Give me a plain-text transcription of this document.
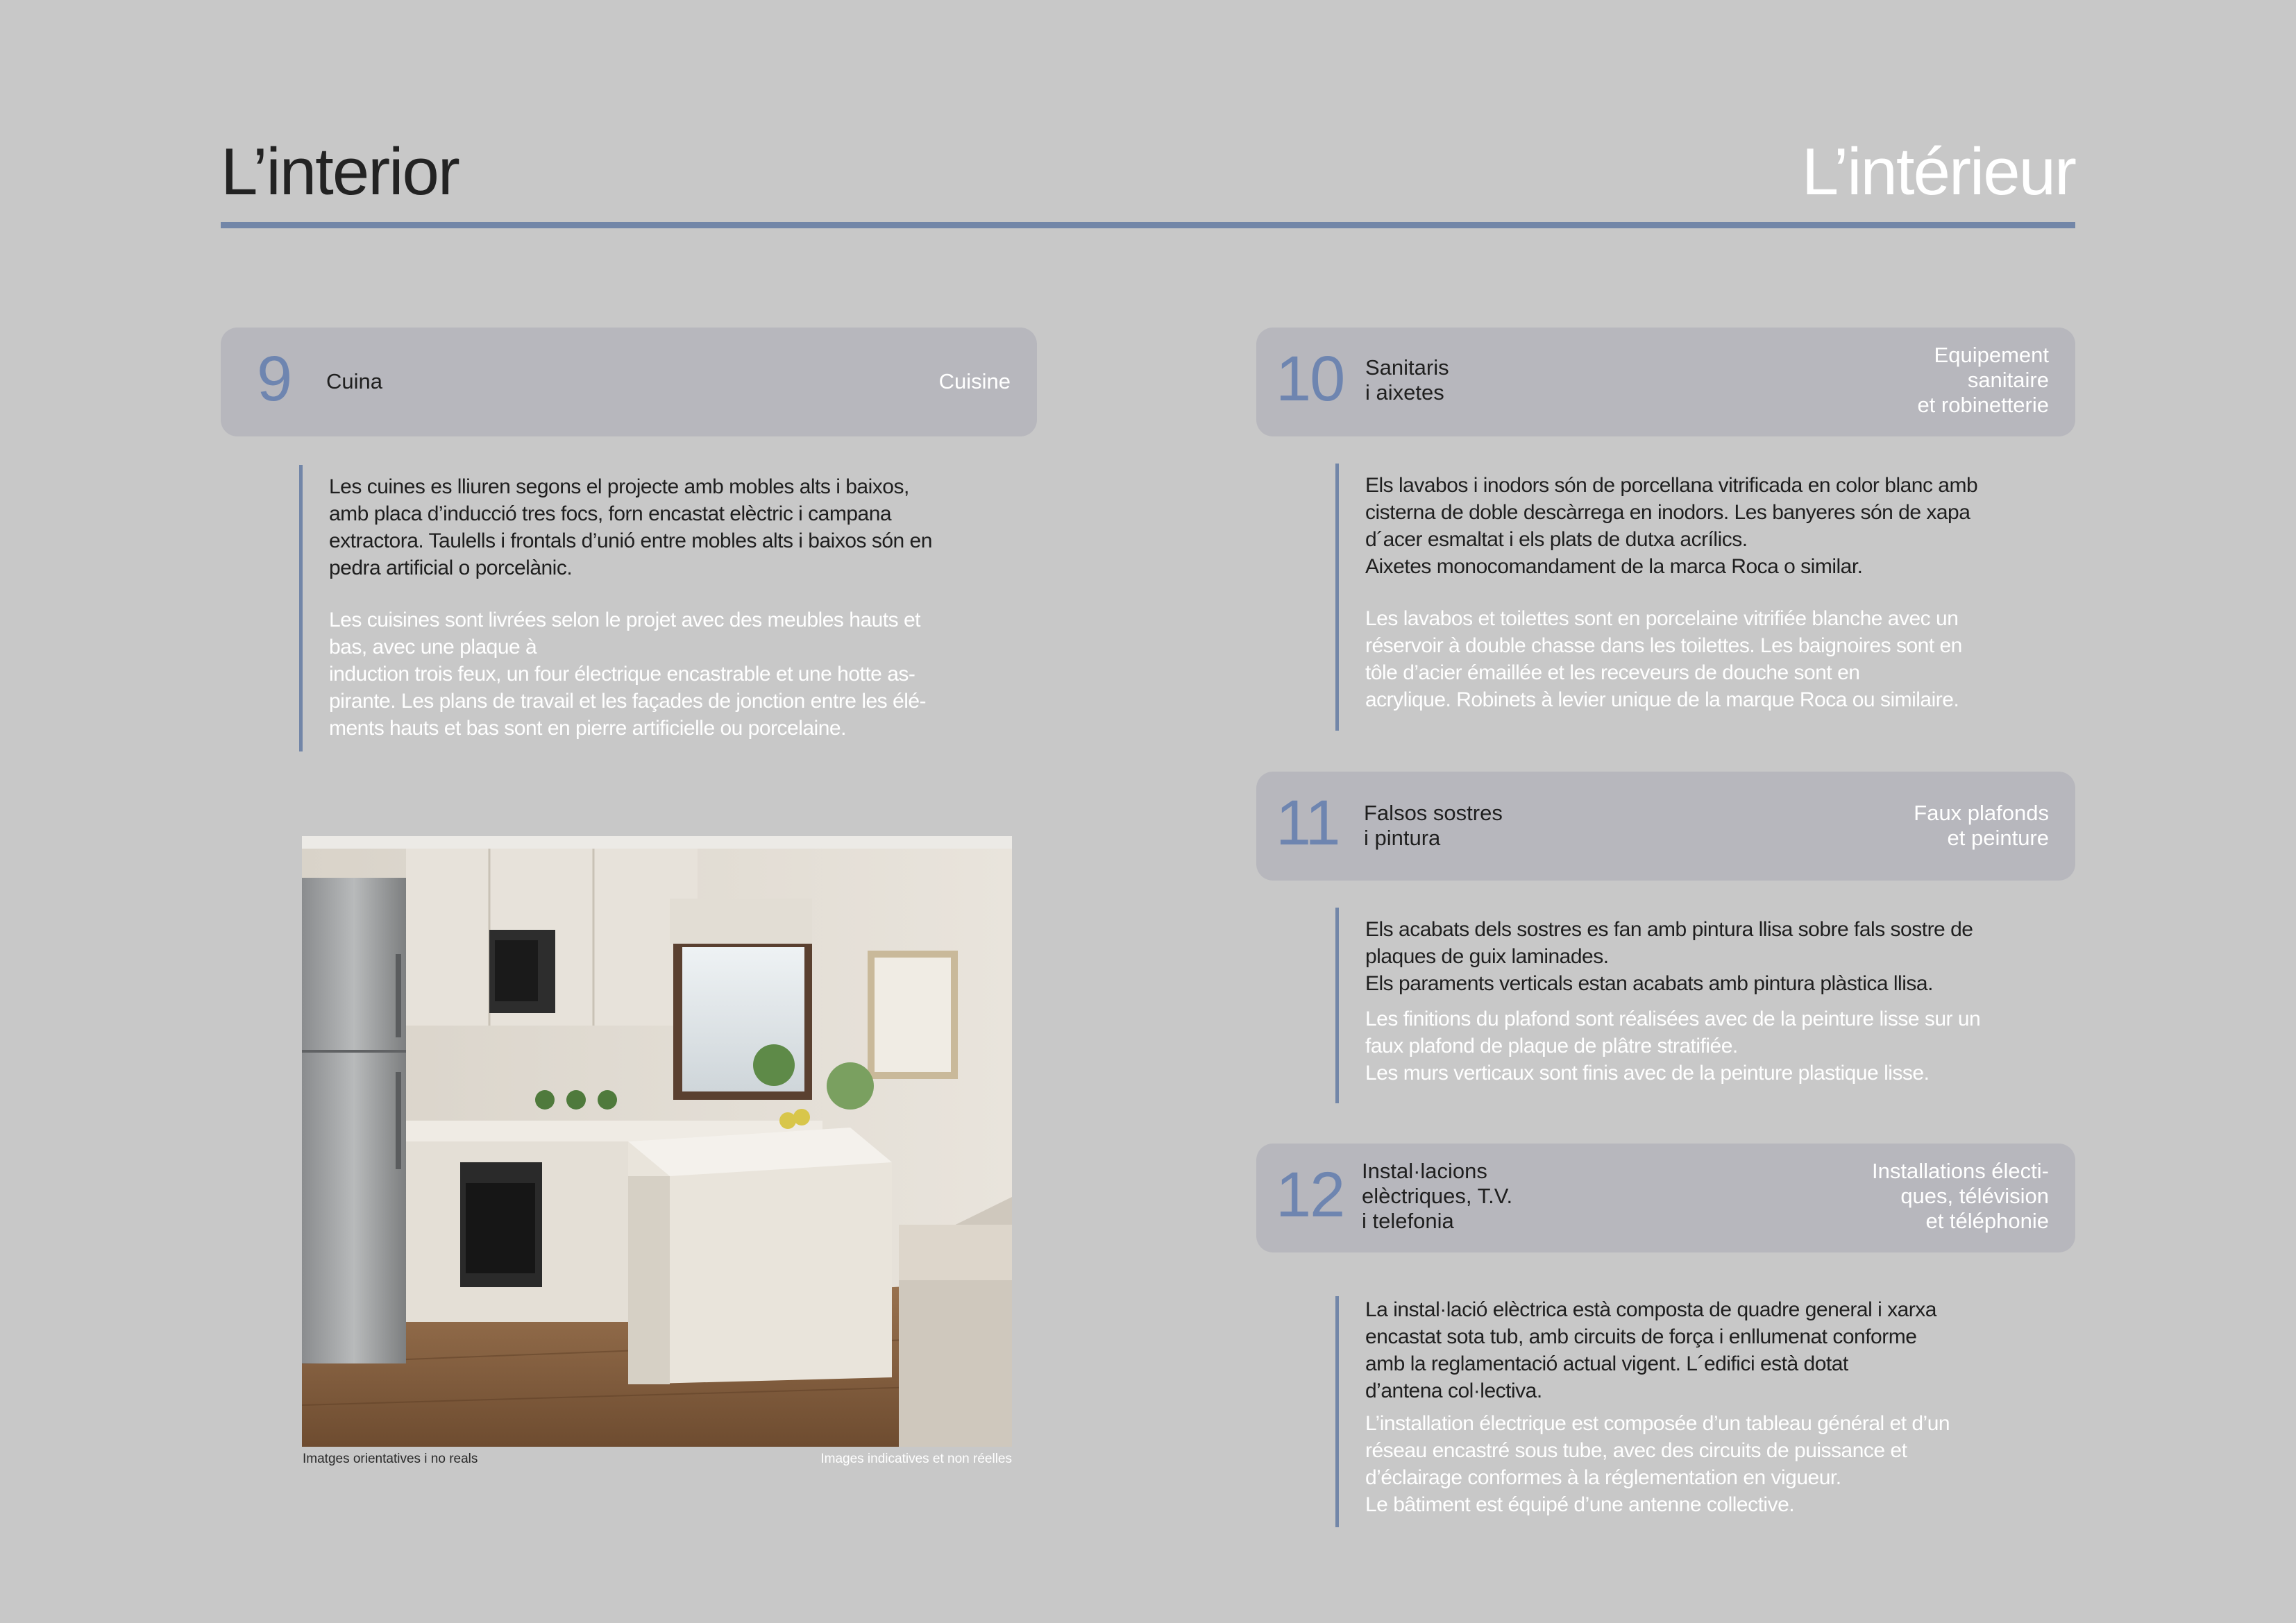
L’interior	L’intérieur
9 Cuina	Cuisine

Les cuines es lliuren segons el projecte amb mobles alts i baixos,
amb placa d’inducció tres focs, forn encastat elèctric i campana
extractora. Taulells i frontals d’unió entre mobles alts i baixos són en
pedra artificial o porcelànic.

Les cuisines sont livrées selon le projet avec des meubles hauts et
bas, avec une plaque à
induction trois feux, un four électrique encastrable et une hotte as-
pirante. Les plans de travail et les façades de jonction entre les élé-
ments hauts et bas sont en pierre artificielle ou porcelaine.

10 Sanitaris
i aixetes
Equipement
sanitaire
et robinetterie

Els lavabos i inodors són de porcellana vitrificada en color blanc amb
cisterna de doble descàrrega en inodors. Les banyeres són de xapa
d´acer esmaltat i els plats de dutxa acrílics.
Aixetes monocomandament de la marca Roca o similar.

Les lavabos et toilettes sont en porcelaine vitrifiée blanche avec un
réservoir à double chasse dans les toilettes. Les baignoires sont en
tôle d’acier émaillée et les receveurs de douche sont en
acrylique. Robinets à levier unique de la marque Roca ou similaire.

11 Falsos sostres
i pintura
Faux plafonds
et peinture

Els acabats dels sostres es fan amb pintura llisa sobre fals sostre de
plaques de guix laminades.
Els paraments verticals estan acabats amb pintura plàstica llisa.

Les finitions du plafond sont réalisées avec de la peinture lisse sur un
faux plafond de plaque de plâtre stratifiée.
Les murs verticaux sont finis avec de la peinture plastique lisse.

12 Instal·lacions
elèctriques, T.V.
i telefonia
Installations électi-
ques, télévision
et téléphonie

La instal·lació elèctrica està composta de quadre general i xarxa
encastat sota tub, amb circuits de força i enllumenat conforme
amb la reglamentació actual vigent. L´edifici està dotat
d’antena col·lectiva.

L’installation électrique est composée d’un tableau général et d’un
réseau encastré sous tube, avec des circuits de puissance et
d’éclairage conformes à la réglementation en vigueur.
Le bâtiment est équipé d’une antenne collective.

Imatges orientatives i no reals	Images indicatives et non réelles
